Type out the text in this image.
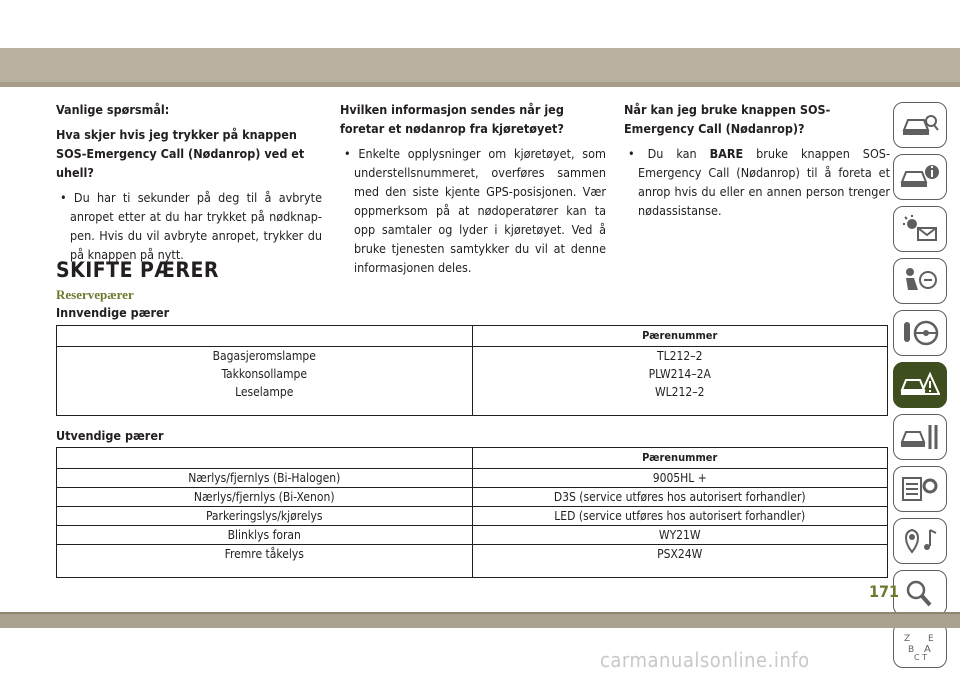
Vanlige spørsmål:

Hva skjer hvis jeg trykker på knappen SOS-Emergency Call (Nødanrop) ved et uhell?

• Du har ti sekunder på deg til å avbryte anropet etter at du har trykket på nødknap-pen. Hvis du vil avbryte anropet, trykker du på knappen på nytt.

Hvilken informasjon sendes når jeg foretar et nødanrop fra kjøretøyet?

• Enkelte opplysninger om kjøretøyet, som understellsnummeret, overføres sammen med den siste kjente GPS-posisjonen. Vær oppmerksom på at nødoperatører kan ta opp samtaler og lyder i kjøretøyet. Ved å bruke tjenesten samtykker du vil at denne informasjonen deles.

Når kan jeg bruke knappen SOS-Emergency Call (Nødanrop)?

• Du kan BARE bruke knappen SOS-Emergency Call (Nødanrop) til å foreta et anrop hvis du eller en annen person trenger nødassistanse.

SKIFTE PÆRER
Reservepærer
Innvendige pærer
	Pærenummer
Bagasjeromslampe	TL212–2
Takkonsollampe	PLW214–2A
Leselampe	WL212–2
Utvendige pærer
	Pærenummer
Nærlys/fjernlys (Bi-Halogen)	9005HL +
Nærlys/fjernlys (Bi-Xenon)	D3S (service utføres hos autorisert forhandler)
Parkeringslys/kjørelys	LED (service utføres hos autorisert forhandler)
Blinklys foran	WY21W
Fremre tåkelys	PSX24W
Z E
B A
C T
171
carmanualsonline.info
